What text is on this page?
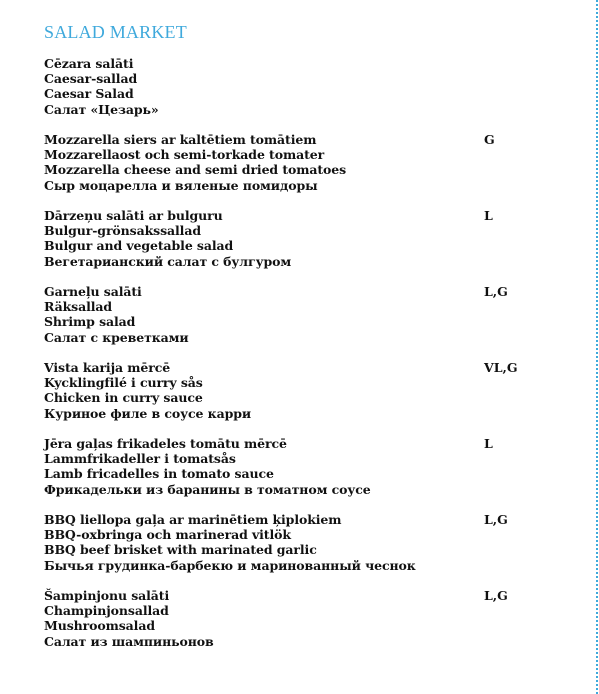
SALAD MARKET
Cēzara salāti
Caesar-sallad
Caesar Salad
Салат «Цезарь»
Mozzarella siers ar kaltētiem tomātiem
Mozzarellaost och semi-torkade tomater
Mozzarella cheese and semi dried tomatoes
Сыр моцарелла и вяленые помидоры
G
Dārzeņu salāti ar bulguru
Bulgur-grönsakssallad
Bulgur and vegetable salad
Вегетарианский салат с булгуром
L
Garneļu salāti
Räksallad
Shrimp salad
Салат с креветками
L,G
Vista karija mērcē
Kycklingfilé i curry sås
Chicken in curry sauce
Куриное филе в соусе карри
VL,G
Jēra gaļas frikadeles tomātu mērcē
Lammfrikadeller i tomatsås
Lamb fricadelles in tomato sauce
Фрикадельки из баранины в томатном соусе
L
BBQ liellopa gaļa ar marinētiem ķiplokiem
BBQ-oxbringa och marinerad vitlök
BBQ beef brisket with marinated garlic
Бычья грудинка-барбекю и маринованный чеснок
L,G
Šampinjonu salāti
Champinjonsallad
Mushroomsalad
Салат из шампиньонов
L,G
